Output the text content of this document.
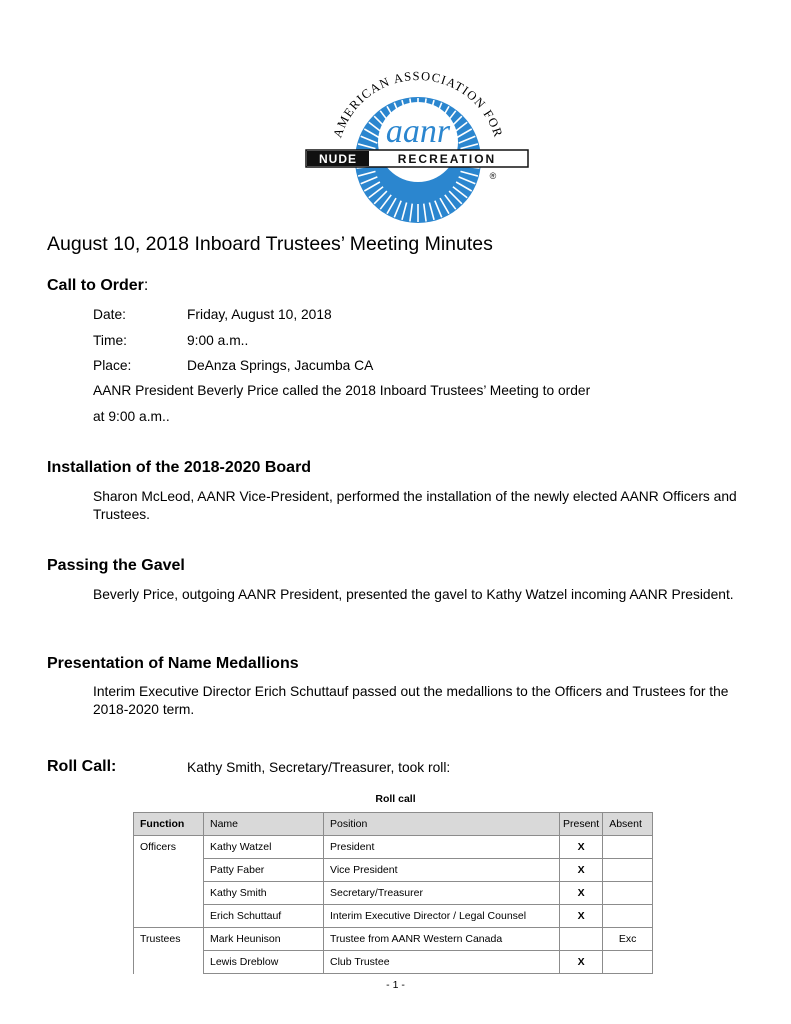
AMERICAN ASSOCIATION FOR
aanr
NUDE	RECREATION
®
August 10, 2018 Inboard Trustees’ Meeting Minutes
Call to Order:
Date:	Friday, August 10, 2018
Time:	9:00 a.m..
Place:	DeAnza Springs, Jacumba CA
AANR President Beverly Price called the 2018 Inboard Trustees’ Meeting to order
at 9:00 a.m..
Installation of the 2018-2020 Board
Sharon McLeod, AANR Vice-President, performed the installation of the newly elected AANR Officers and Trustees.
Passing the Gavel
Beverly Price, outgoing AANR President, presented the gavel to Kathy Watzel incoming AANR President.
Presentation of Name Medallions
Interim Executive Director Erich Schuttauf passed out the medallions to the Officers and Trustees for the 2018-2020 term.
Roll Call:	Kathy Smith, Secretary/Treasurer, took roll:
Roll call
Function	Name	Position	Present	Absent
Officers	Kathy Watzel	President	X	
	Patty Faber	Vice President	X	
	Kathy Smith	Secretary/Treasurer	X	
	Erich Schuttauf	Interim Executive Director / Legal Counsel	X	
Trustees	Mark Heunison	Trustee from AANR Western Canada		Exc
	Lewis Dreblow	Club Trustee	X	
- 1 -
